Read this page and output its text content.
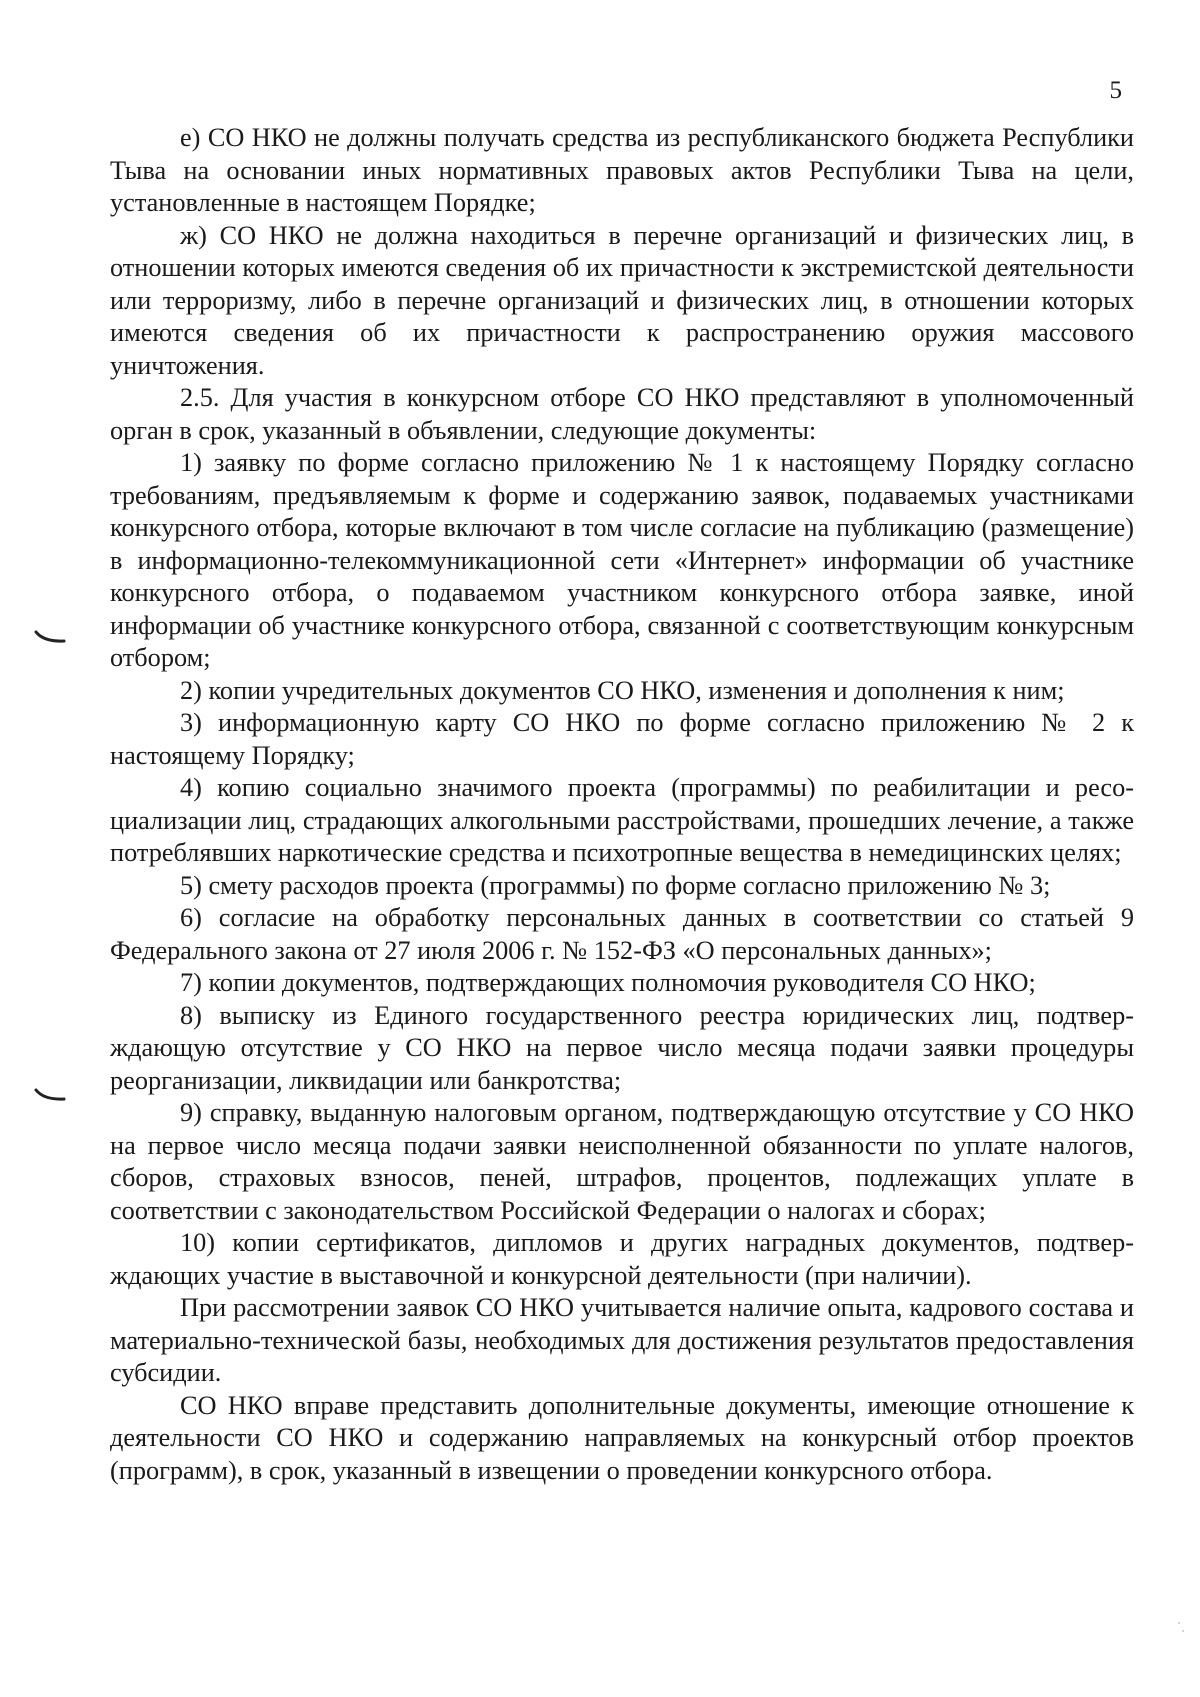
5

е) СО НКО не должны получать средства из республиканского бюджета Республики Тыва на основании иных нормативных правовых актов Республики Тыва на цели, установленные в настоящем Порядке;

ж) СО НКО не должна находиться в перечне организаций и физических лиц, в отношении которых имеются сведения об их причастности к экстремистской деятельности или терроризму, либо в перечне организаций и физических лиц, в отношении которых имеются сведения об их причастности к распространению оружия массового уничтожения.

2.5. Для участия в конкурсном отборе СО НКО представляют в уполномоченный орган в срок, указанный в объявлении, следующие документы:

1) заявку по форме согласно приложению № 1 к настоящему Порядку согласно требованиям, предъявляемым к форме и содержанию заявок, подаваемых участниками конкурсного отбора, которые включают в том числе согласие на публикацию (размещение) в информационно-телекоммуникационной сети «Интернет» информации об участнике конкурсного отбора, о подаваемом участником конкурсного отбора заявке, иной информации об участнике конкурсного отбора, связанной с соответствующим конкурсным отбором;

2) копии учредительных документов СО НКО, изменения и дополнения к ним;

3) информационную карту СО НКО по форме согласно приложению № 2 к настоящему Порядку;

4) копию социально значимого проекта (программы) по реабилитации и ресоциализации лиц, страдающих алкогольными расстройствами, прошедших лечение, а также потреблявших наркотические средства и психотропные вещества в немедицинских целях;

5) смету расходов проекта (программы) по форме согласно приложению № 3;

6) согласие на обработку персональных данных в соответствии со статьей 9 Федерального закона от 27 июля 2006 г. № 152-ФЗ «О персональных данных»;

7) копии документов, подтверждающих полномочия руководителя СО НКО;

8) выписку из Единого государственного реестра юридических лиц, подтверждающую отсутствие у СО НКО на первое число месяца подачи заявки процедуры реорганизации, ликвидации или банкротства;

9) справку, выданную налоговым органом, подтверждающую отсутствие у СО НКО на первое число месяца подачи заявки неисполненной обязанности по уплате налогов, сборов, страховых взносов, пеней, штрафов, процентов, подлежащих уплате в соответствии с законодательством Российской Федерации о налогах и сборах;

10) копии сертификатов, дипломов и других наградных документов, подтверждающих участие в выставочной и конкурсной деятельности (при наличии).

При рассмотрении заявок СО НКО учитывается наличие опыта, кадрового состава и материально-технической базы, необходимых для достижения результатов предоставления субсидии.

СО НКО вправе представить дополнительные документы, имеющие отношение к деятельности СО НКО и содержанию направляемых на конкурсный отбор проектов (программ), в срок, указанный в извещении о проведении конкурсного отбора.
